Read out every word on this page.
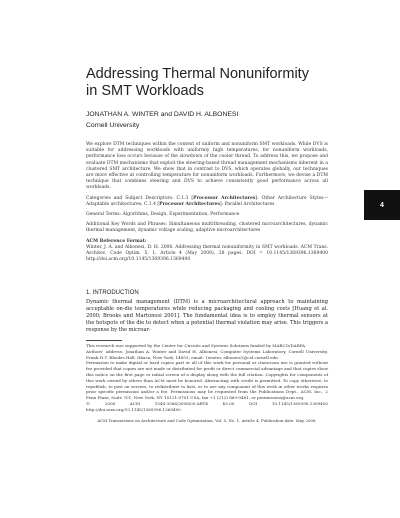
Addressing Thermal Nonuniformity
in SMT Workloads
JONATHAN A. WINTER and DAVID H. ALBONESI
Cornell University

We explore DTM techniques within the context of uniform and nonuniform SMT workloads. While DVS is suitable for addressing workloads with uniformly high temperatures, for nonuniform workloads, performance loss occurs because of the slowdown of the cooler thread. To address this, we propose and evaluate DTM mechanisms that exploit the steering-based thread management mechanisms inherent in a clustered SMT architecture. We show that in contrast to DVS, which operates globally, our techniques are more effective at controlling temperature for nonuniform workloads. Furthermore, we devise a DTM technique that combines steering and DVS to achieve consistently good performance across all workloads.

Categories and Subject Descriptors: C.1.3 [Processor Architectures]: Other Architecture Styles—Adaptable architectures; C.1.4 [Processor Architectures]: Parallel Architectures

General Terms: Algorithms, Design, Experimentation, Performance

Additional Key Words and Phrases: Simultaneous multithreading, clustered microarchitectures, dynamic thermal management, dynamic voltage scaling, adaptive microarchitectures

ACM Reference Format:

Winter, J. A. and Albonesi, D. H. 2008. Addressing thermal nonuniformity in SMT workloads. ACM Trans. Architec. Code Optim. 5, 1, Article 4 (May 2008), 28 pages. DOI = 10.1145/1369396.1369400 http://doi.acm.org/10.1145/1369396.1369400

4
1. INTRODUCTION
Dynamic thermal management (DTM) is a microarchitectural approach to maintaining acceptable on-die temperatures while reducing packaging and cooling costs [Huang et al. 2000; Brooks and Martonosi 2001]. The fundamental idea is to employ thermal sensors at the hotspots of the die to detect when a potential thermal violation may arise. This triggers a response by the microar-

This research was supported by the Center for Circuits and Systems Solutions funded by MARCO/DARPA.

Authors' address: Jonathan A. Winter and David H. Albonesi, Computer Systems Laboratory, Cornell University, Frank H.T. Rhodes Hall, Ithaca, New York, 14853; email: {winter, albonesi}@csl.cornell.edu.

Permission to make digital or hard copies part or all of this work for personal or classroom use is granted without fee provided that copies are not made or distributed for profit or direct commercial advantage and that copies show this notice on the first page or initial screen of a display along with the full citation. Copyrights for components of this work owned by others than ACM must be honored. Abstracting with credit is permitted. To copy otherwise, to republish, to post on servers, to redistribute to lists, or to use any component of this work in other works requires prior specific permission and/or a fee. Permissions may be requested from the Publications Dept., ACM, Inc., 2 Penn Plaza, Suite 701, New York, NY 10121-0701 USA, fax +1 (212) 869-0481, or permissions@acm.org.

© 2008 ACM 1544-3566/2008/05-ART4 $5.00 DOI 10.1145/1369396.1369400 http://doi.acm.org/10.1145/1369396.1369400

ACM Transactions on Architecture and Code Optimization, Vol. 5, No. 1, Article 4, Publication date: May 2008.
